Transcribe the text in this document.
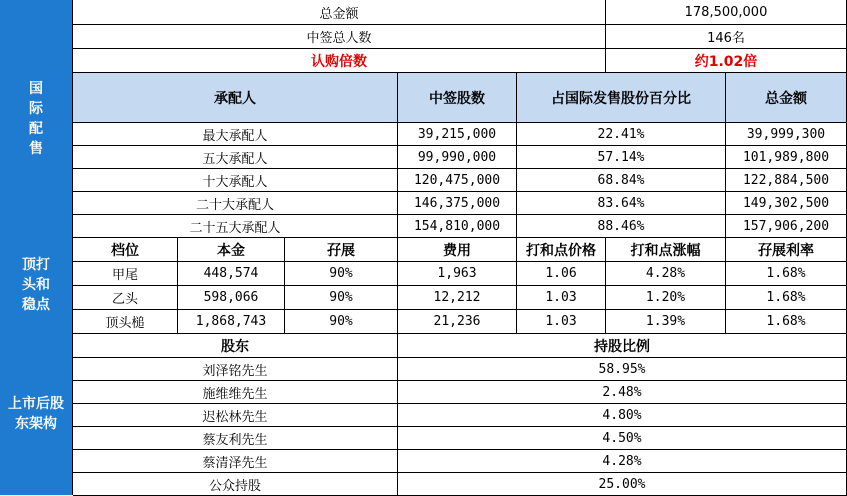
国际配售
顶打头和稳点
上市后股东架构
总金额	178,500,000
中签总人数	146名
认购倍数	约1.02倍
承配人	中签股数	占国际发售股份百分比	总金额
最大承配人	39,215,000	22.41%	39,999,300
五大承配人	99,990,000	57.14%	101,989,800
十大承配人	120,475,000	68.84%	122,884,500
二十大承配人	146,375,000	83.64%	149,302,500
二十五大承配人	154,810,000	88.46%	157,906,200
档位	本金	孖展	费用	打和点价格	打和点涨幅	孖展利率
甲尾	448,574	90%	1,963	1.06	4.28%	1.68%
乙头	598,066	90%	12,212	1.03	1.20%	1.68%
顶头槌	1,868,743	90%	21,236	1.03	1.39%	1.68%
股东	持股比例
刘泽铭先生	58.95%
施维维先生	2.48%
迟松林先生	4.80%
蔡友利先生	4.50%
蔡清泽先生	4.28%
公众持股	25.00%
